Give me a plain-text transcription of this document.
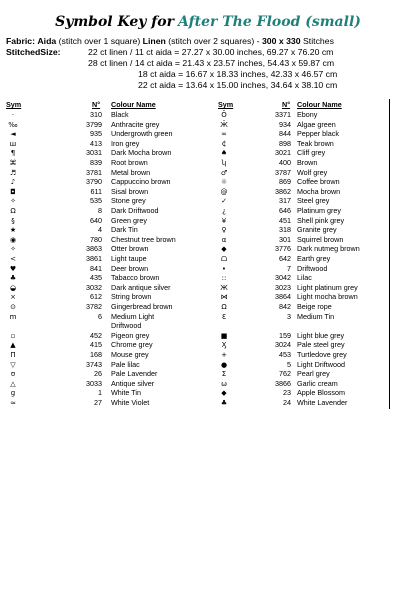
Symbol Key for After The Flood (small)
Fabric: Aida (stitch over 1 square) Linen (stitch over 2 squares) - 300 x 330 Stitches
StitchedSize:	22 ct linen / 11 ct aida = 27.27 x 30.00 inches, 69.27 x 76.20 cm
28 ct linen / 14 ct aida = 21.43 x 23.57 inches, 54.43 x 59.87 cm
18 ct aida = 16.67 x 18.33 inches, 42.33 x 46.57 cm
22 ct aida = 13.64 x 15.00 inches, 34.64 x 38.10 cm
Sym	N° Colour Name	Sym	N° Colour Name
·	310 Black
‰	3799 Anthracite grey
◄	935 Undergrowth green
ш	413 Iron grey
¶	3031 Dark Mocha brown
⌘	839 Root brown
♬	3781 Metal brown
♪	3790 Cappuccino brown
◘	611 Sisal brown
✧	535 Stone grey
Ω	8 Dark Driftwood
§	640 Green grey
★	4 Dark Tin
◉	780 Chestnut tree brown
✧	3863 Otter brown
<	3861 Light taupe
♥	841 Deer brown
♣	435 Tabacco brown
◒	3032 Dark antique silver
×	612 String brown
⊙	3782 Gingerbread brown
m	6 Medium Light
Driftwood
▫	452 Pigeon grey
▲	415 Chrome grey
Π	168 Mouse grey
▽	3743 Pale lilac
ʊ	26 Pale Lavender
△	3033 Antique silver
g	1 White Tin
≈	27 White Violet
Ō	3371 Ebony
Ӂ	934 Algae green
∞	844 Pepper black
₵	898 Teak brown
♠	3021 Cliff grey
ʮ	400 Brown
♂	3787 Wolf grey
☼	869 Coffee brown
@	3862 Mocha brown
✓	317 Steel grey
¿	646 Platinum grey
¥	451 Shell pink grey
♀	318 Granite grey
α	301 Squirrel brown
◆	3776 Dark nutmeg brown
ᗝ	642 Earth grey
•	7 Driftwood
::	3042 Lilac
Ж	3023 Light platinum grey
⋈	3864 Light mocha brown
Ω	842 Beige rope
Ɛ	3 Medium Tin
■	159 Light blue grey
Ӽ	3024 Pale steel grey
+	453 Turtledove grey
●	5 Light Driftwood
Σ	762 Pearl grey
ω	3866 Garlic cream
◆	23 Apple Blossom
♣	24 White Lavender
